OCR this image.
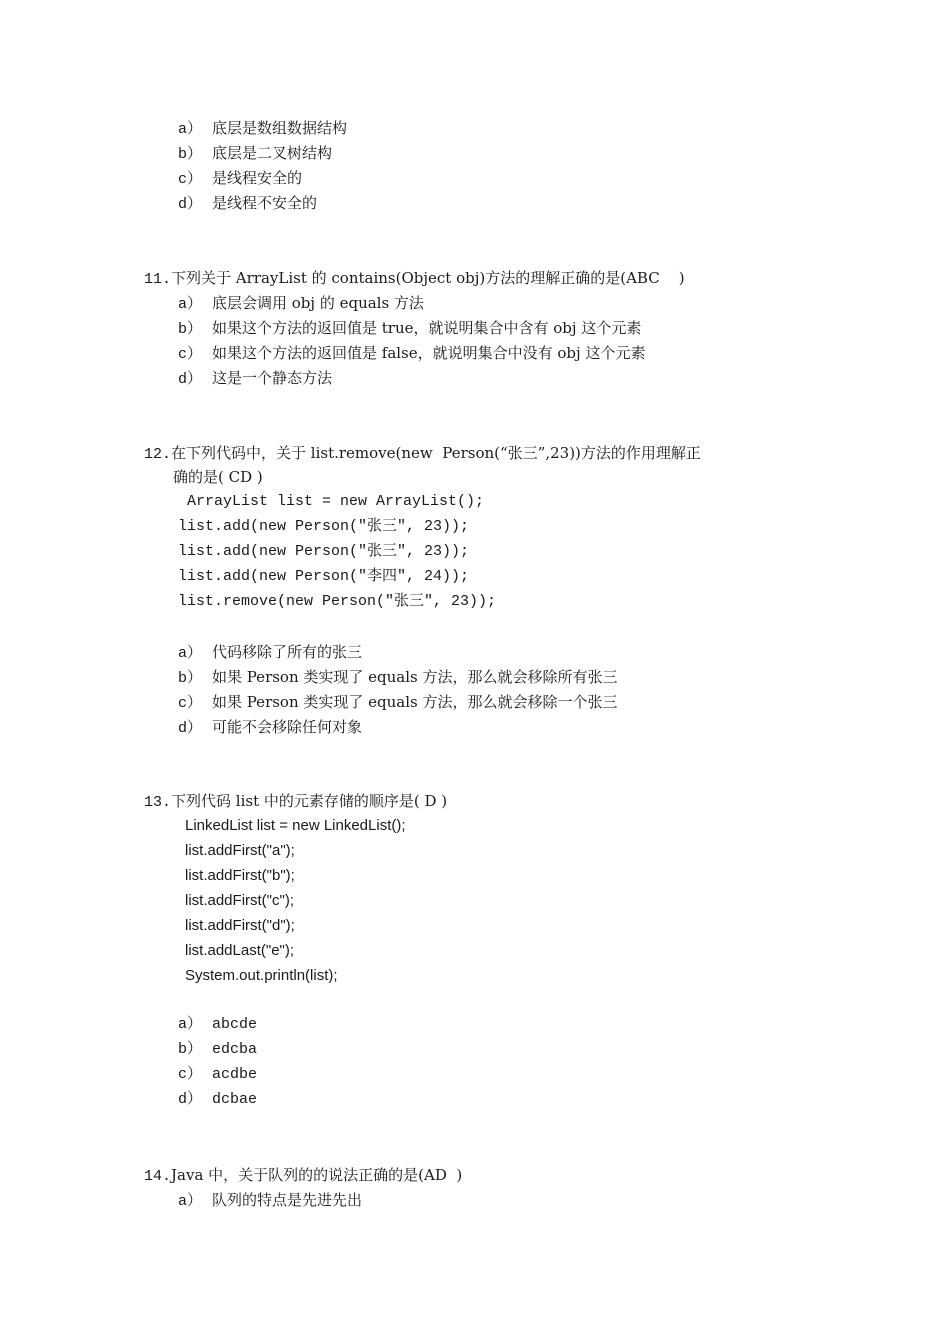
a） 底层是数组数据结构
b） 底层是二叉树结构
c） 是线程安全的
d） 是线程不安全的
11.下列关于 ArrayList 的 contains(Object obj)方法的理解正确的是(ABC    )
a） 底层会调用 obj 的 equals 方法
b） 如果这个方法的返回值是 true，就说明集合中含有 obj 这个元素
c） 如果这个方法的返回值是 false，就说明集合中没有 obj 这个元素
d） 这是一个静态方法
12.在下列代码中，关于 list.remove(new  Person(“张三”,23))方法的作用理解正
确的是( CD )
ArrayList list = new ArrayList();
list.add(new Person("张三", 23));
list.add(new Person("张三", 23));
list.add(new Person("李四", 24));
list.remove(new Person("张三", 23));
a） 代码移除了所有的张三
b） 如果 Person 类实现了 equals 方法，那么就会移除所有张三
c） 如果 Person 类实现了 equals 方法，那么就会移除一个张三
d） 可能不会移除任何对象
13.下列代码 list 中的元素存储的顺序是( D )
LinkedList list = new LinkedList();
list.addFirst("a");
list.addFirst("b");
list.addFirst("c");
list.addFirst("d");
list.addLast("e");
System.out.println(list);
a） abcde
b） edcba
c） acdbe
d） dcbae
14.Java 中，关于队列的的说法正确的是(AD  )
a） 队列的特点是先进先出
